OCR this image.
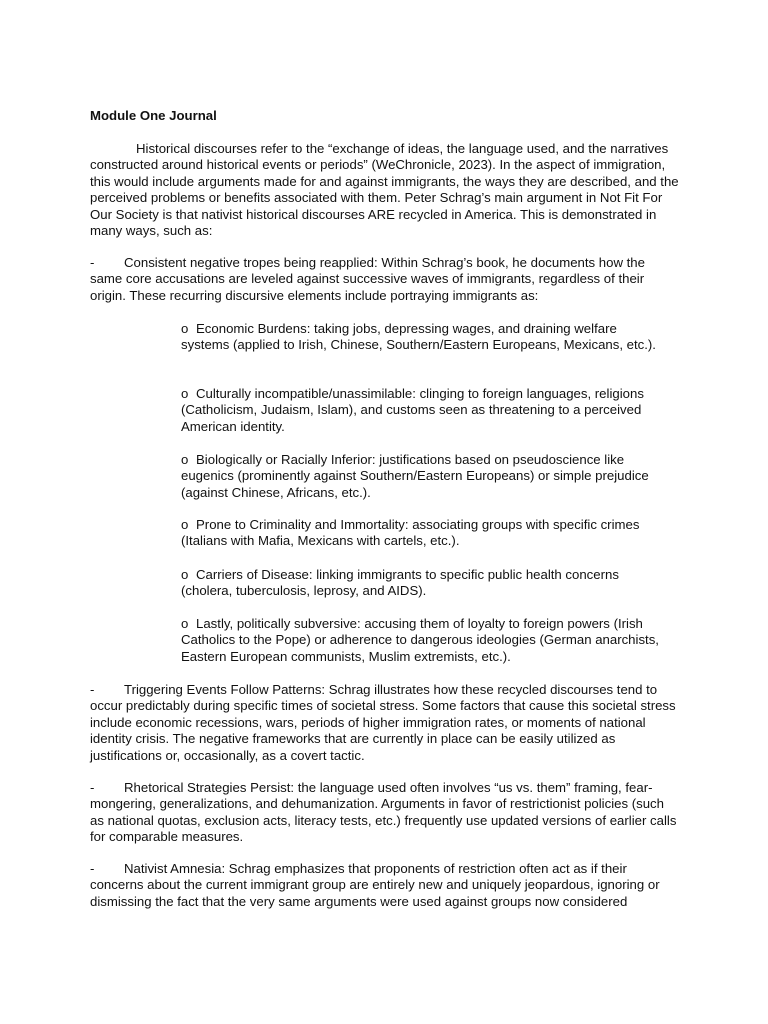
Module One Journal

Historical discourses refer to the “exchange of ideas, the language used, and the narratives constructed around historical events or periods” (WeChronicle, 2023). In the aspect of immigration, this would include arguments made for and against immigrants, the ways they are described, and the perceived problems or benefits associated with them. Peter Schrag’s main argument in Not Fit For Our Society is that nativist historical discourses ARE recycled in America. This is demonstrated in many ways, such as:

- Consistent negative tropes being reapplied: Within Schrag’s book, he documents how the same core accusations are leveled against successive waves of immigrants, regardless of their origin. These recurring discursive elements include portraying immigrants as:

o Economic Burdens: taking jobs, depressing wages, and draining welfare systems (applied to Irish, Chinese, Southern/Eastern Europeans, Mexicans, etc.).

o Culturally incompatible/unassimilable: clinging to foreign languages, religions (Catholicism, Judaism, Islam), and customs seen as threatening to a perceived American identity.

o Biologically or Racially Inferior: justifications based on pseudoscience like eugenics (prominently against Southern/Eastern Europeans) or simple prejudice (against Chinese, Africans, etc.).

o Prone to Criminality and Immortality: associating groups with specific crimes (Italians with Mafia, Mexicans with cartels, etc.).

o Carriers of Disease: linking immigrants to specific public health concerns (cholera, tuberculosis, leprosy, and AIDS).

o Lastly, politically subversive: accusing them of loyalty to foreign powers (Irish Catholics to the Pope) or adherence to dangerous ideologies (German anarchists, Eastern European communists, Muslim extremists, etc.).

- Triggering Events Follow Patterns: Schrag illustrates how these recycled discourses tend to occur predictably during specific times of societal stress. Some factors that cause this societal stress include economic recessions, wars, periods of higher immigration rates, or moments of national identity crisis. The negative frameworks that are currently in place can be easily utilized as justifications or, occasionally, as a covert tactic.

- Rhetorical Strategies Persist: the language used often involves “us vs. them” framing, fear-mongering, generalizations, and dehumanization. Arguments in favor of restrictionist policies (such as national quotas, exclusion acts, literacy tests, etc.) frequently use updated versions of earlier calls for comparable measures.

- Nativist Amnesia: Schrag emphasizes that proponents of restriction often act as if their concerns about the current immigrant group are entirely new and uniquely jeopardous, ignoring or dismissing the fact that the very same arguments were used against groups now considered
